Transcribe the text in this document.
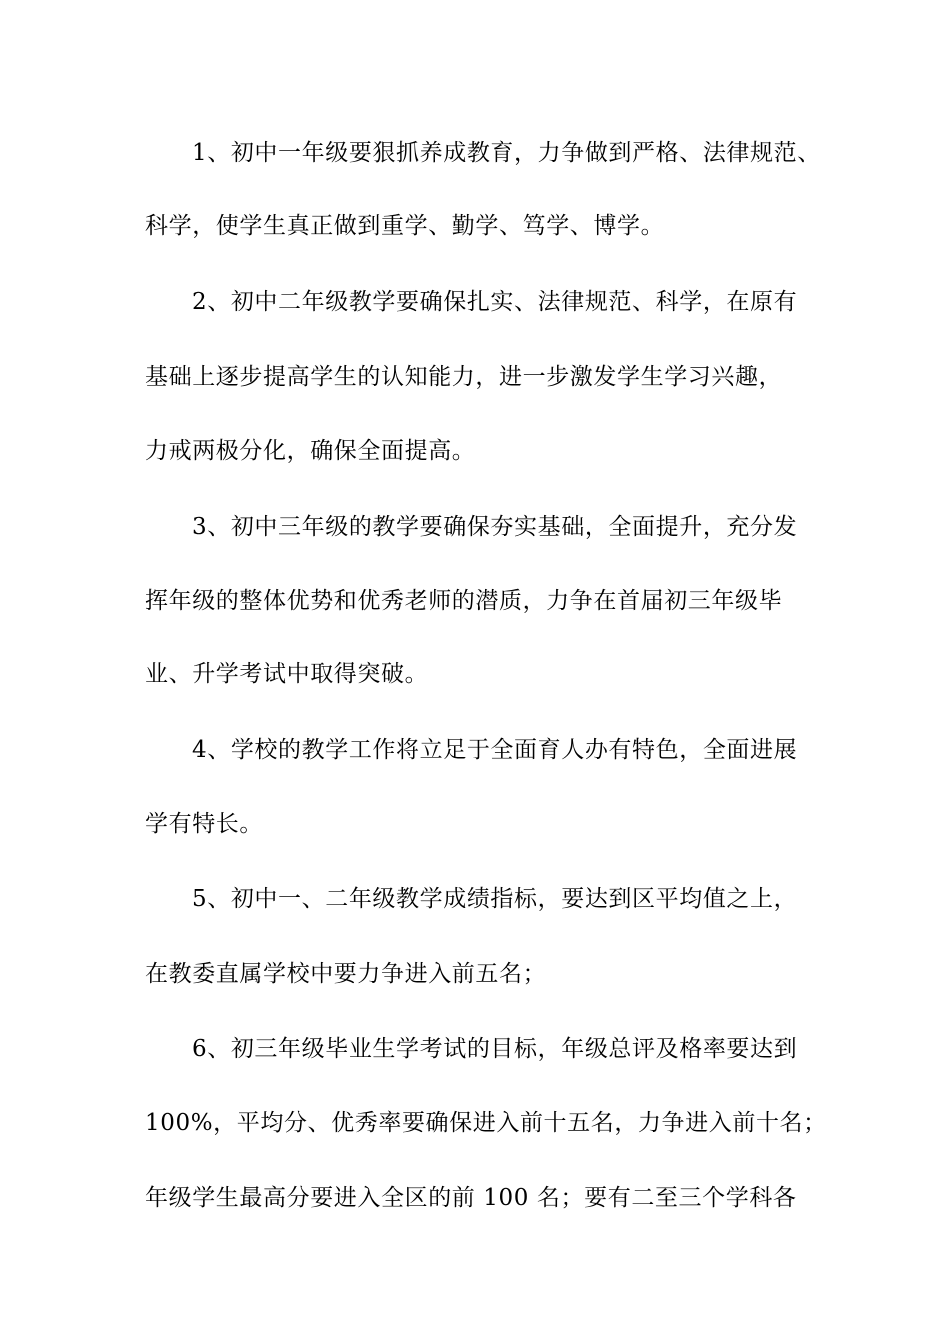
1、初中一年级要狠抓养成教育，力争做到严格、法律规范、
科学，使学生真正做到重学、勤学、笃学、博学。
2、初中二年级教学要确保扎实、法律规范、科学，在原有
基础上逐步提高学生的认知能力，进一步激发学生学习兴趣，
力戒两极分化，确保全面提高。
3、初中三年级的教学要确保夯实基础，全面提升，充分发
挥年级的整体优势和优秀老师的潜质，力争在首届初三年级毕
业、升学考试中取得突破。
4、学校的教学工作将立足于全面育人办有特色，全面进展
学有特长。
5、初中一、二年级教学成绩指标，要达到区平均值之上，
在教委直属学校中要力争进入前五名；
6、初三年级毕业生学考试的目标，年级总评及格率要达到
100%，平均分、优秀率要确保进入前十五名，力争进入前十名；
年级学生最高分要进入全区的前 100 名；要有二至三个学科各
